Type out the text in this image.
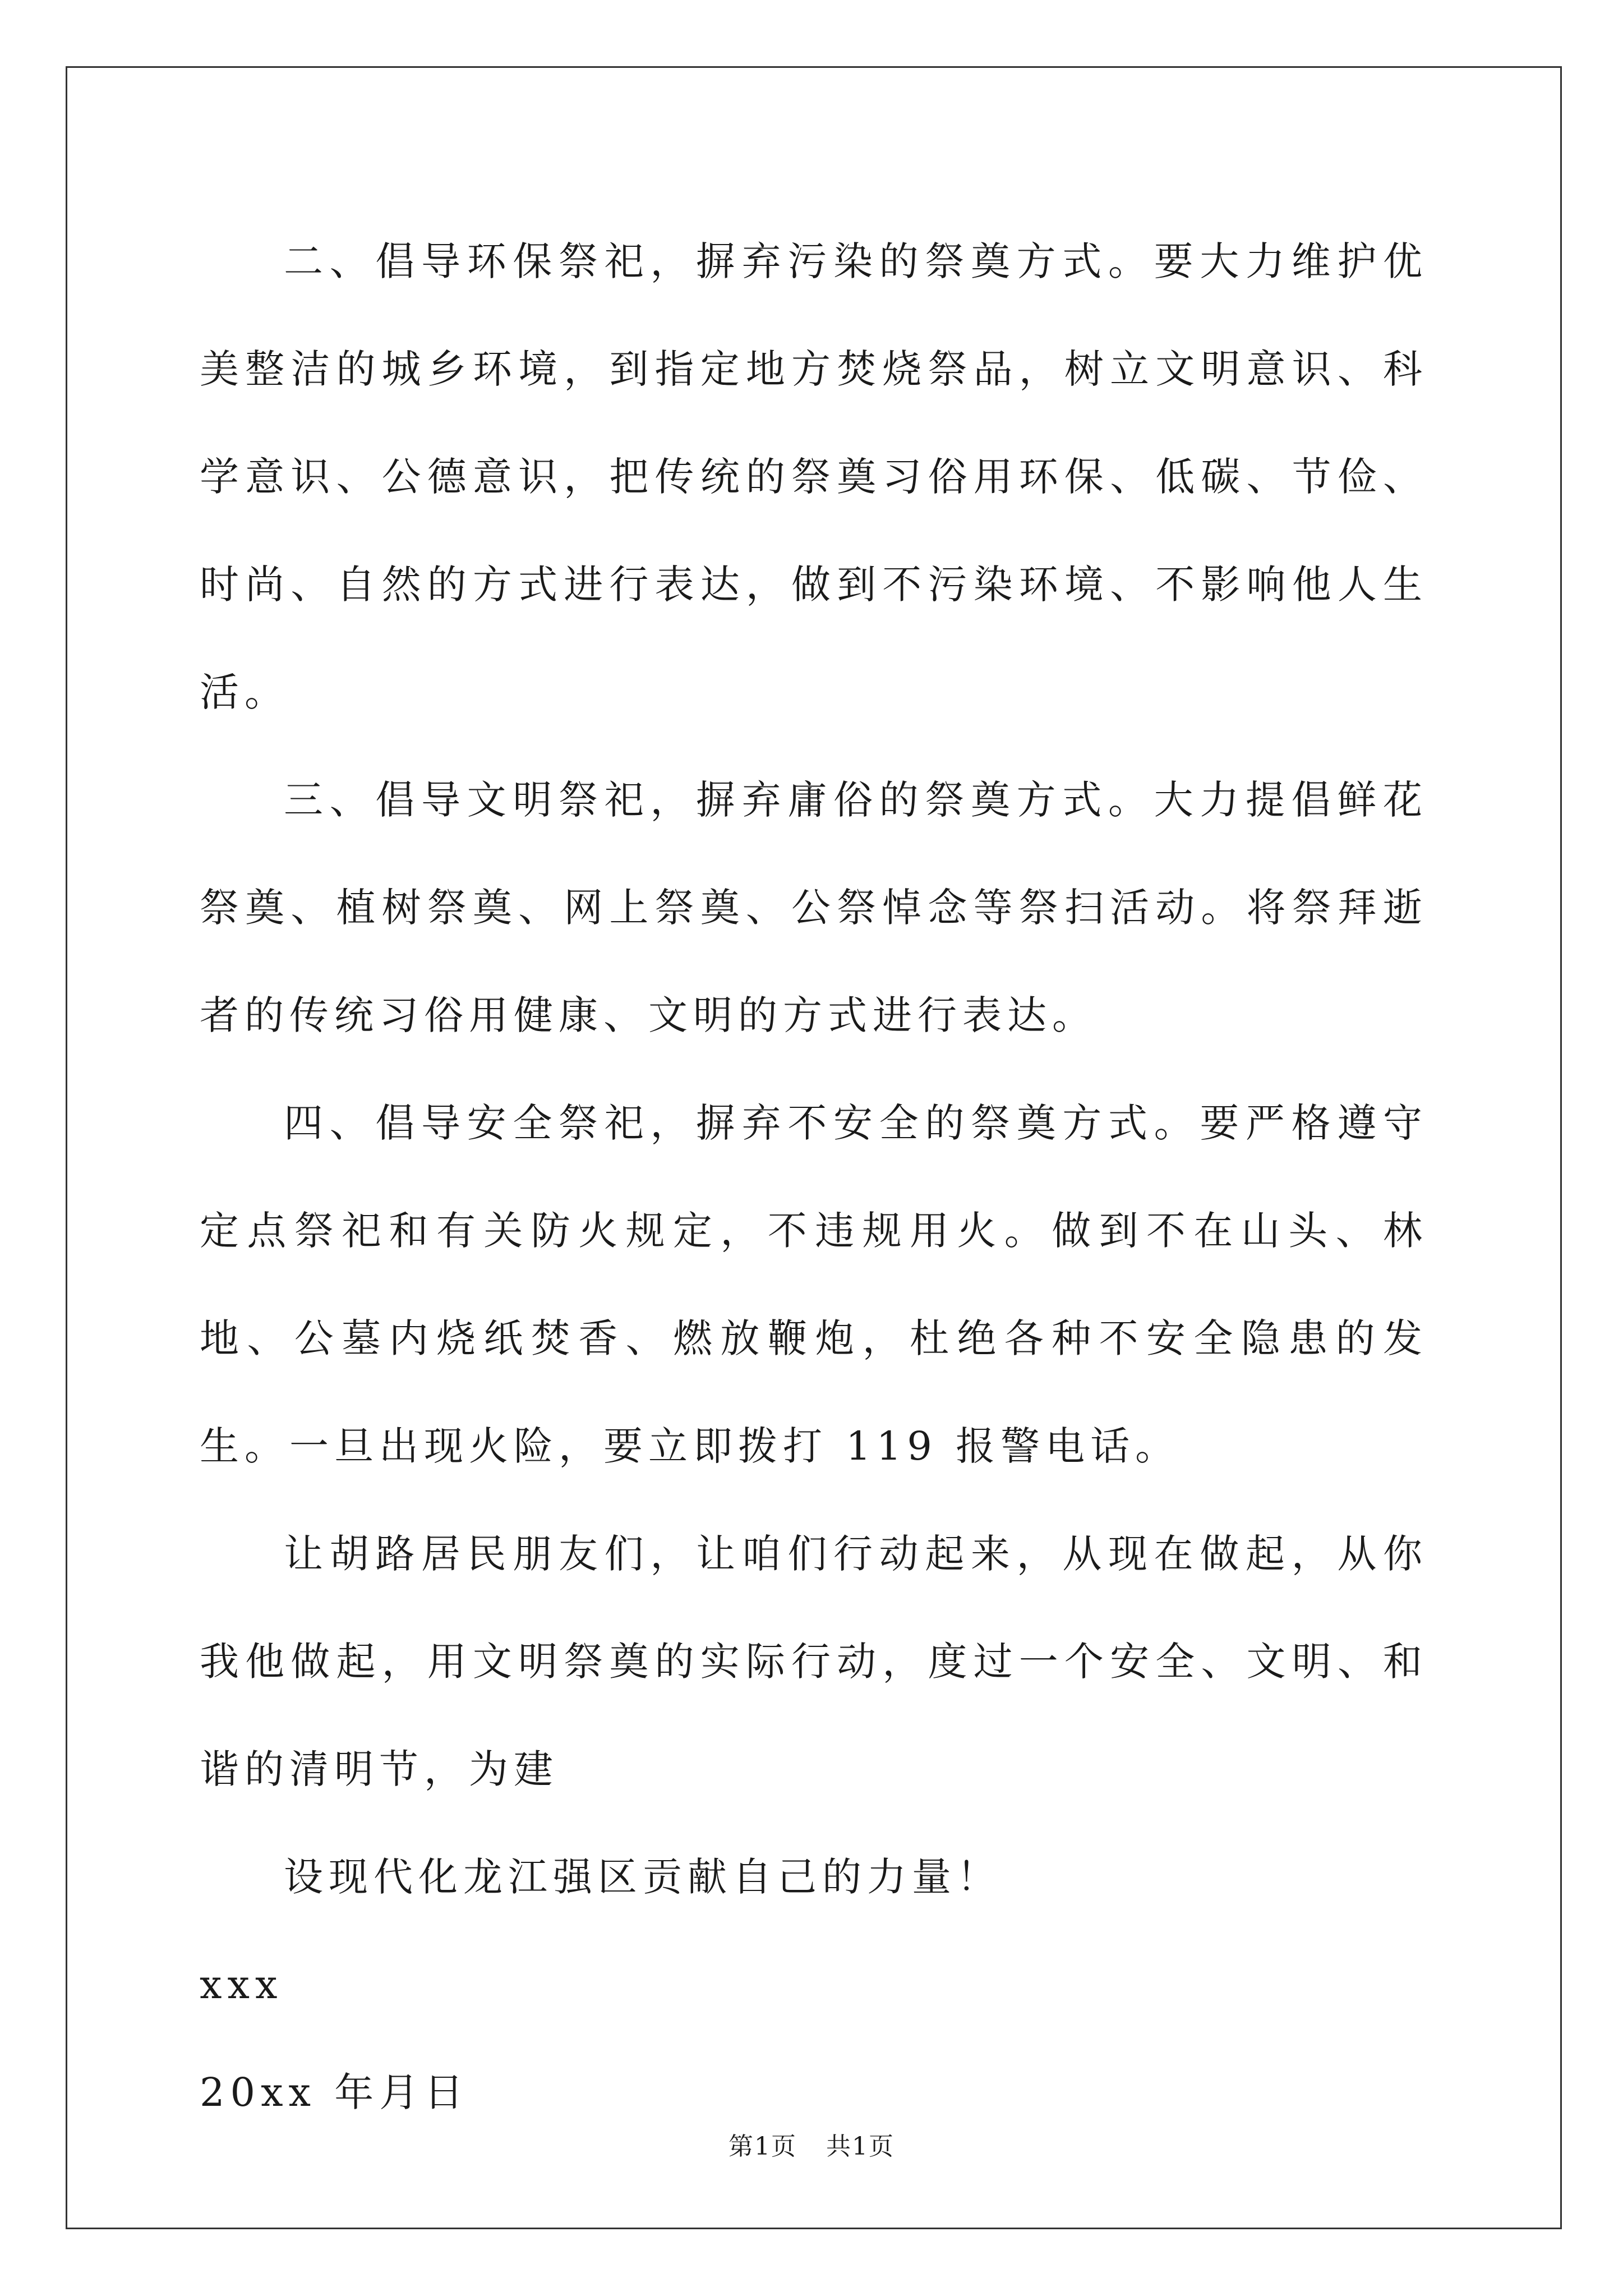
二、倡导环保祭祀，摒弃污染的祭奠方式。要大力维护优美整洁的城乡环境，到指定地方焚烧祭品，树立文明意识、科学意识、公德意识，把传统的祭奠习俗用环保、低碳、节俭、时尚、自然的方式进行表达，做到不污染环境、不影响他人生活。

三、倡导文明祭祀，摒弃庸俗的祭奠方式。大力提倡鲜花祭奠、植树祭奠、网上祭奠、公祭悼念等祭扫活动。将祭拜逝者的传统习俗用健康、文明的方式进行表达。

四、倡导安全祭祀，摒弃不安全的祭奠方式。要严格遵守定点祭祀和有关防火规定，不违规用火。做到不在山头、林地、公墓内烧纸焚香、燃放鞭炮，杜绝各种不安全隐患的发生。一旦出现火险，要立即拨打 119 报警电话。

让胡路居民朋友们，让咱们行动起来，从现在做起，从你我他做起，用文明祭奠的实际行动，度过一个安全、文明、和谐的清明节，为建

设现代化龙江强区贡献自己的力量！

xxx

20xx 年月日

第1页 共1页
